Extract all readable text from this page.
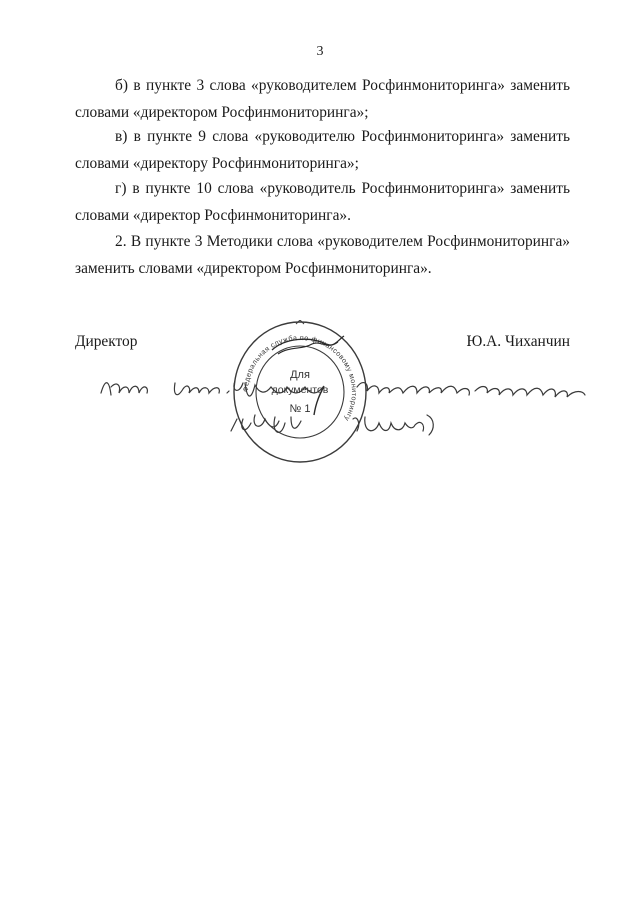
3

б) в пункте 3 слова «руководителем Росфинмониторинга» заменить
словами «директором Росфинмониторинга»;

в) в пункте 9 слова «руководителю Росфинмониторинга» заменить
словами «директору Росфинмониторинга»;

г) в пункте 10 слова «руководитель Росфинмониторинга» заменить
словами «директор Росфинмониторинга».

2. В пункте 3 Методики слова «руководителем Росфинмониторинга»
заменить словами «директором Росфинмониторинга».

Директор	Ю.А. Чиханчин
Федеральная служба по финансовому мониторингу
Для
документов
№ 1
Копия верна: Начальник Общего документооборота Иван ов
